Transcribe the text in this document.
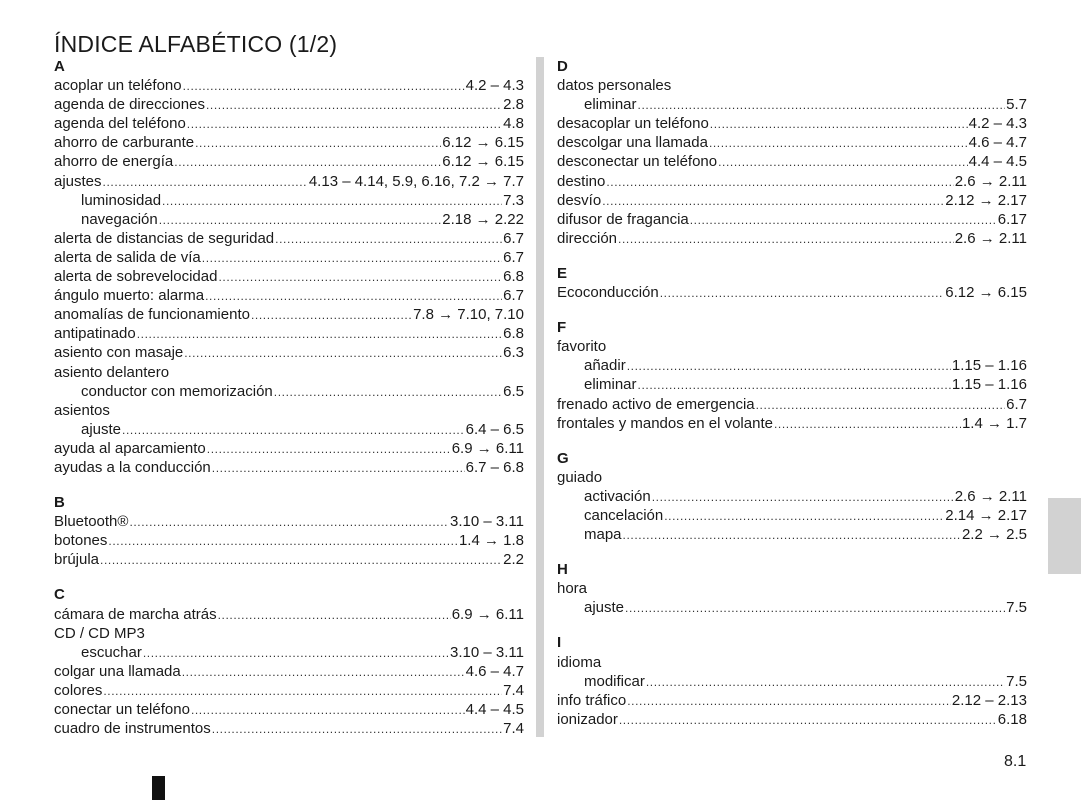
ÍNDICE ALFABÉTICO (1/2)
A
acoplar un teléfono .....	4.2 – 4.3
agenda de direcciones .....	2.8
agenda del teléfono .....	4.8
ahorro de carburante .....	6.12 → 6.15
ahorro de energía .....	6.12 → 6.15
ajustes .....	4.13 – 4.14, 5.9, 6.16, 7.2 → 7.7
luminosidad .....	7.3
navegación .....	2.18 → 2.22
alerta de distancias de seguridad .....	6.7
alerta de salida de vía .....	6.7
alerta de sobrevelocidad .....	6.8
ángulo muerto: alarma .....	6.7
anomalías de funcionamiento .....	7.8 → 7.10, 7.10
antipatinado .....	6.8
asiento con masaje .....	6.3
asiento delantero
conductor con memorización .....	6.5
asientos
ajuste .....	6.4 – 6.5
ayuda al aparcamiento .....	6.9 → 6.11
ayudas a la conducción .....	6.7 – 6.8
B
Bluetooth® .....	3.10 – 3.11
botones .....	1.4 → 1.8
brújula .....	2.2
C
cámara de marcha atrás .....	6.9 → 6.11
CD / CD MP3
escuchar .....	3.10 – 3.11
colgar una llamada .....	4.6 – 4.7
colores .....	7.4
conectar un teléfono .....	4.4 – 4.5
cuadro de instrumentos .....	7.4
D
datos personales
eliminar .....	5.7
desacoplar un teléfono .....	4.2 – 4.3
descolgar una llamada .....	4.6 – 4.7
desconectar un teléfono .....	4.4 – 4.5
destino .....	2.6 → 2.11
desvío .....	2.12 → 2.17
difusor de fragancia .....	6.17
dirección .....	2.6 → 2.11
E
Ecoconducción .....	6.12 → 6.15
F
favorito
añadir .....	1.15 – 1.16
eliminar .....	1.15 – 1.16
frenado activo de emergencia .....	6.7
frontales y mandos en el volante .....	1.4 → 1.7
G
guiado
activación .....	2.6 → 2.11
cancelación .....	2.14 → 2.17
mapa .....	2.2 → 2.5
H
hora
ajuste .....	7.5
I
idioma
modificar .....	7.5
info tráfico .....	2.12 – 2.13
ionizador .....	6.18
8.1
